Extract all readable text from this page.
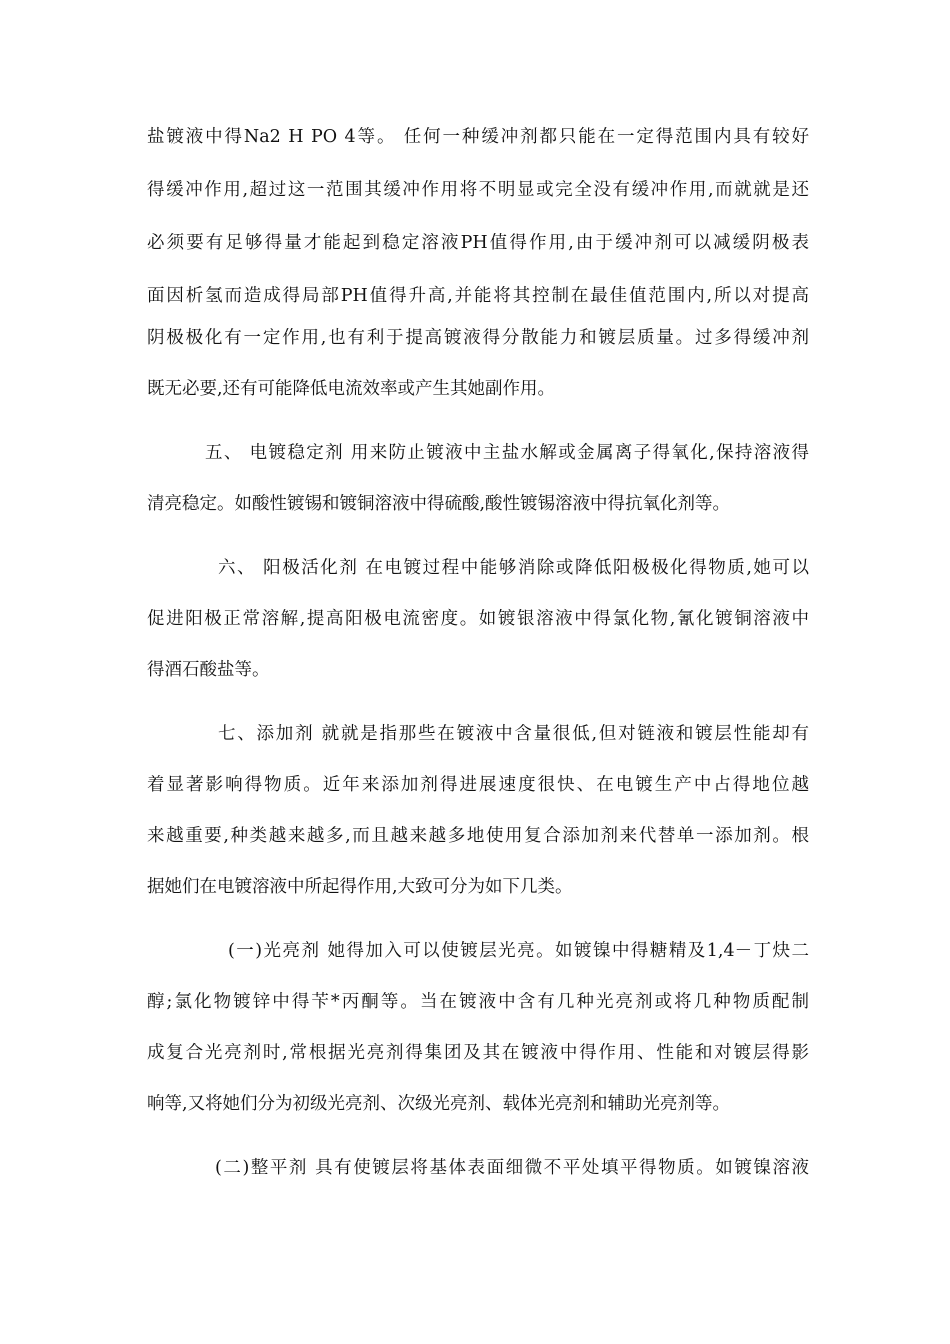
盐镀液中得Na2 H PO 4等。 任何一种缓冲剂都只能在一定得范围内具有较好
得缓冲作用,超过这一范围其缓冲作用将不明显或完全没有缓冲作用,而就就是还
必须要有足够得量才能起到稳定溶液PH值得作用,由于缓冲剂可以减缓阴极表
面因析氢而造成得局部PH值得升高,并能将其控制在最佳值范围内,所以对提高
阴极极化有一定作用,也有利于提高镀液得分散能力和镀层质量。过多得缓冲剂
既无必要,还有可能降低电流效率或产生其她副作用。
五、 电镀稳定剂 用来防止镀液中主盐水解或金属离子得氧化,保持溶液得
清亮稳定。如酸性镀锡和镀铜溶液中得硫酸,酸性镀锡溶液中得抗氧化剂等。
六、 阳极活化剂 在电镀过程中能够消除或降低阳极极化得物质,她可以
促进阳极正常溶解,提高阳极电流密度。如镀银溶液中得氯化物,氰化镀铜溶液中
得酒石酸盐等。
七、添加剂 就就是指那些在镀液中含量很低,但对链液和镀层性能却有
着显著影响得物质。近年来添加剂得进展速度很快、在电镀生产中占得地位越
来越重要,种类越来越多,而且越来越多地使用复合添加剂来代替单一添加剂。根
据她们在电镀溶液中所起得作用,大致可分为如下几类。
(一)光亮剂 她得加入可以使镀层光亮。如镀镍中得糖精及1,4－丁炔二
醇;氯化物镀锌中得苄*丙酮等。当在镀液中含有几种光亮剂或将几种物质配制
成复合光亮剂时,常根据光亮剂得集团及其在镀液中得作用、性能和对镀层得影
响等,又将她们分为初级光亮剂、次级光亮剂、载体光亮剂和辅助光亮剂等。
(二)整平剂 具有使镀层将基体表面细微不平处填平得物质。如镀镍溶液
